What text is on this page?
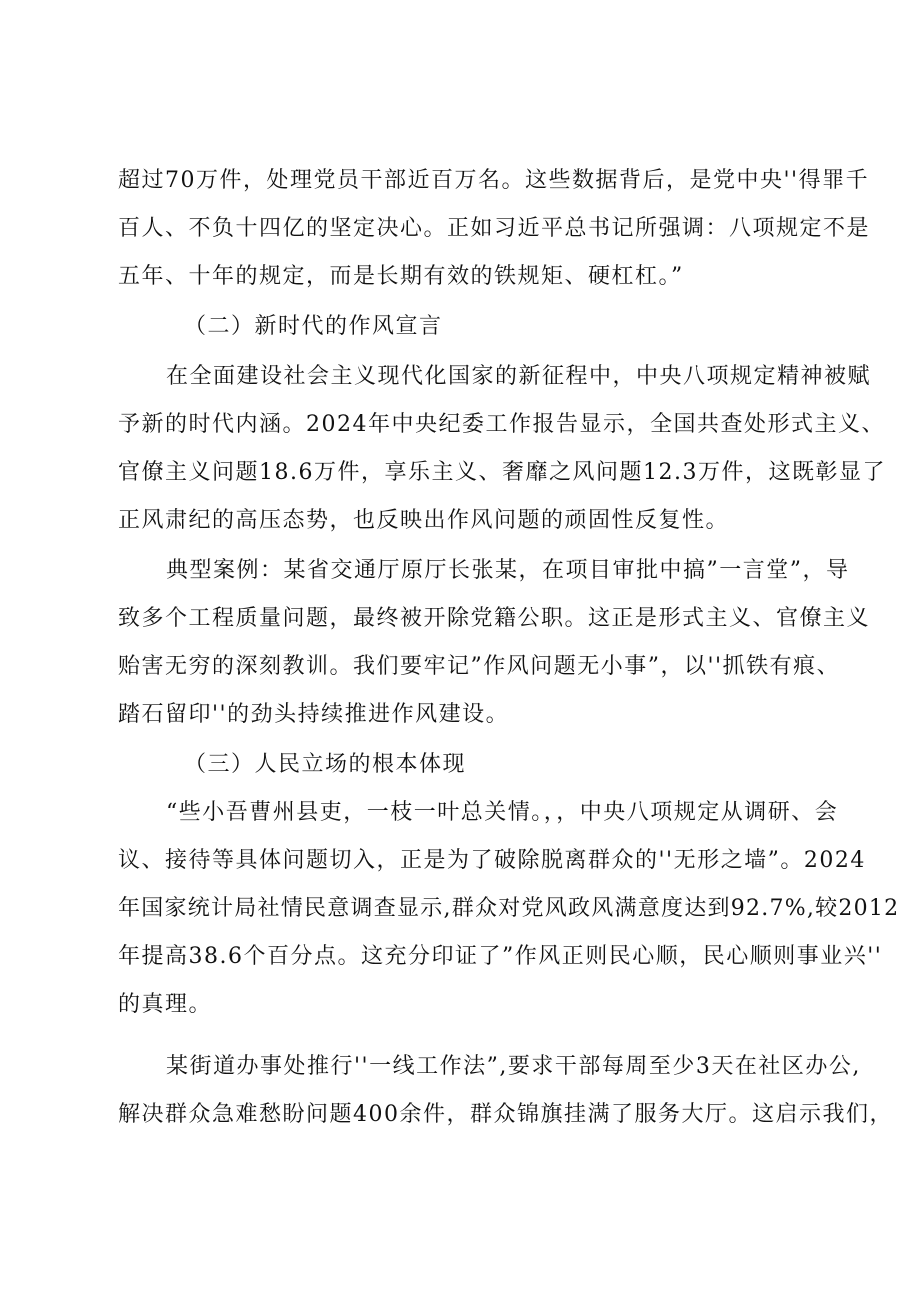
超过70万件，处理党员干部近百万名。这些数据背后，是党中央''得罪千
百人、不负十四亿的坚定决心。正如习近平总书记所强调：八项规定不是
五年、十年的规定，而是长期有效的铁规矩、硬杠杠。”
（二）新时代的作风宣言
在全面建设社会主义现代化国家的新征程中，中央八项规定精神被赋
予新的时代内涵。2024年中央纪委工作报告显示，全国共查处形式主义、
官僚主义问题18.6万件，享乐主义、奢靡之风问题12.3万件，这既彰显了
正风肃纪的高压态势，也反映出作风问题的顽固性反复性。
典型案例：某省交通厅原厅长张某，在项目审批中搞”一言堂”，导
致多个工程质量问题，最终被开除党籍公职。这正是形式主义、官僚主义
贻害无穷的深刻教训。我们要牢记”作风问题无小事”，以''抓铁有痕、
踏石留印''的劲头持续推进作风建设。
（三）人民立场的根本体现
“些小吾曹州县吏，一枝一叶总关情。，，中央八项规定从调研、会
议、接待等具体问题切入，正是为了破除脱离群众的''无形之墙”。2024
年国家统计局社情民意调查显示,群众对党风政风满意度达到92.7%,较2012
年提高38.6个百分点。这充分印证了”作风正则民心顺，民心顺则事业兴''
的真理。
某街道办事处推行''一线工作法”,要求干部每周至少3天在社区办公,
解决群众急难愁盼问题400余件，群众锦旗挂满了服务大厅。这启示我们，
